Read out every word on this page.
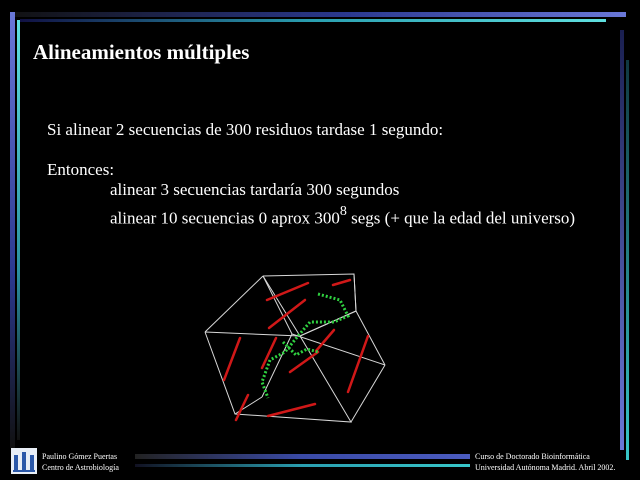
Alineamientos múltiples
Si alinear 2 secuencias de 300 residuos tardase 1 segundo:
Entonces:
alinear 3 secuencias tardaría 300 segundos
alinear 10 secuencias 0 aprox $300^8$ segs (+ que la edad del universo)
Paulino Gómez Puertas
Centro de Astrobiología
Curso de Doctorado Bioinformática
Universidad Autónoma Madrid. Abril 2002.
